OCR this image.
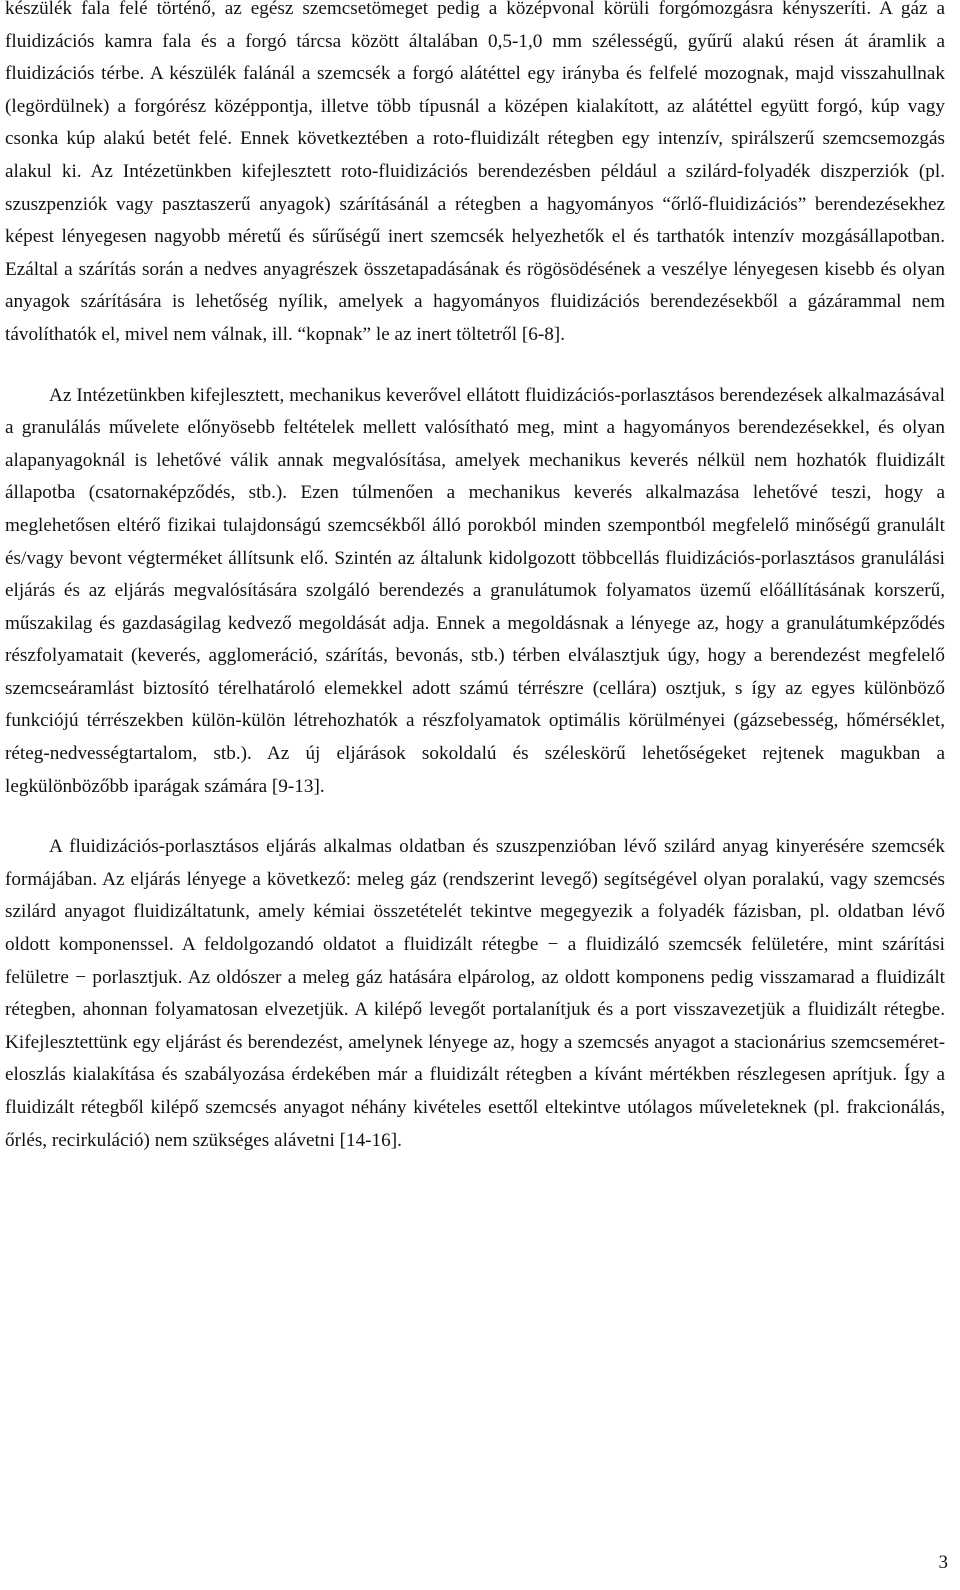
készülék fala felé történő, az egész szemcsetömeget pedig a középvonal körüli forgómozgásra kényszeríti. A gáz a fluidizációs kamra fala és a forgó tárcsa között általában 0,5-1,0 mm szélességű, gyűrű alakú résen át áramlik a fluidizációs térbe. A készülék falánál a szemcsék a forgó alátéttel egy irányba és felfelé mozognak, majd visszahullnak (legördülnek) a forgórész középpontja, illetve több típusnál a középen kialakított, az alátéttel együtt forgó, kúp vagy csonka kúp alakú betét felé. Ennek következtében a roto-fluidizált rétegben egy intenzív, spirálszerű szemcsemozgás alakul ki. Az Intézetünkben kifejlesztett roto-fluidizációs berendezésben például a szilárd-folyadék diszperziók (pl. szuszpenziók vagy pasztaszerű anyagok) szárításánál a rétegben a hagyományos “őrlő-fluidizációs” berendezésekhez képest lényegesen nagyobb méretű és sűrűségű inert szemcsék helyezhetők el és tarthatók intenzív mozgásállapotban. Ezáltal a szárítás során a nedves anyagrészek összetapadásának és rögösödésének a veszélye lényegesen kisebb és olyan anyagok szárítására is lehetőség nyílik, amelyek a hagyományos fluidizációs berendezésekből a gázárammal nem távolíthatók el, mivel nem válnak, ill. “kopnak” le az inert töltetről [6-8].

Az Intézetünkben kifejlesztett, mechanikus keverővel ellátott fluidizációs-porlasztásos berendezések alkalmazásával a granulálás művelete előnyösebb feltételek mellett valósítható meg, mint a hagyományos berendezésekkel, és olyan alapanyagoknál is lehetővé válik annak megvalósítása, amelyek mechanikus keverés nélkül nem hozhatók fluidizált állapotba (csatornaképződés, stb.). Ezen túlmenően a mechanikus keverés alkalmazása lehetővé teszi, hogy a meglehetősen eltérő fizikai tulajdonságú szemcsékből álló porokból minden szempontból megfelelő minőségű granulált és/vagy bevont végterméket állítsunk elő. Szintén az általunk kidolgozott többcellás fluidizációs-porlasztásos granulálási eljárás és az eljárás megvalósítására szolgáló berendezés a granulátumok folyamatos üzemű előállításának korszerű, műszakilag és gazdaságilag kedvező megoldását adja. Ennek a megoldásnak a lényege az, hogy a granulátumképződés részfolyamatait (keverés, agglomeráció, szárítás, bevonás, stb.) térben elválasztjuk úgy, hogy a berendezést megfelelő szemcseáramlást biztosító térelhatároló elemekkel adott számú térrészre (cellára) osztjuk, s így az egyes különböző funkciójú térrészekben külön-külön létrehozhatók a részfolyamatok optimális körülményei (gázsebesség, hőmérséklet, réteg-nedvességtartalom, stb.). Az új eljárások sokoldalú és széleskörű lehetőségeket rejtenek magukban a legkülönbözőbb iparágak számára [9-13].

A fluidizációs-porlasztásos eljárás alkalmas oldatban és szuszpenzióban lévő szilárd anyag kinyerésére szemcsék formájában. Az eljárás lényege a következő: meleg gáz (rendszerint levegő) segítségével olyan poralakú, vagy szemcsés szilárd anyagot fluidizáltatunk, amely kémiai összetételét tekintve megegyezik a folyadék fázisban, pl. oldatban lévő oldott komponenssel. A feldolgozandó oldatot a fluidizált rétegbe − a fluidizáló szemcsék felületére, mint szárítási felületre − porlasztjuk. Az oldószer a meleg gáz hatására elpárolog, az oldott komponens pedig visszamarad a fluidizált rétegben, ahonnan folyamatosan elvezetjük. A kilépő levegőt portalanítjuk és a port visszavezetjük a fluidizált rétegbe. Kifejlesztettünk egy eljárást és berendezést, amelynek lényege az, hogy a szemcsés anyagot a stacionárius szemcseméret-eloszlás kialakítása és szabályozása érdekében már a fluidizált rétegben a kívánt mértékben részlegesen aprítjuk. Így a fluidizált rétegből kilépő szemcsés anyagot néhány kivételes esettől eltekintve utólagos műveleteknek (pl. frakcionálás, őrlés, recirkuláció) nem szükséges alávetni [14-16].

3
